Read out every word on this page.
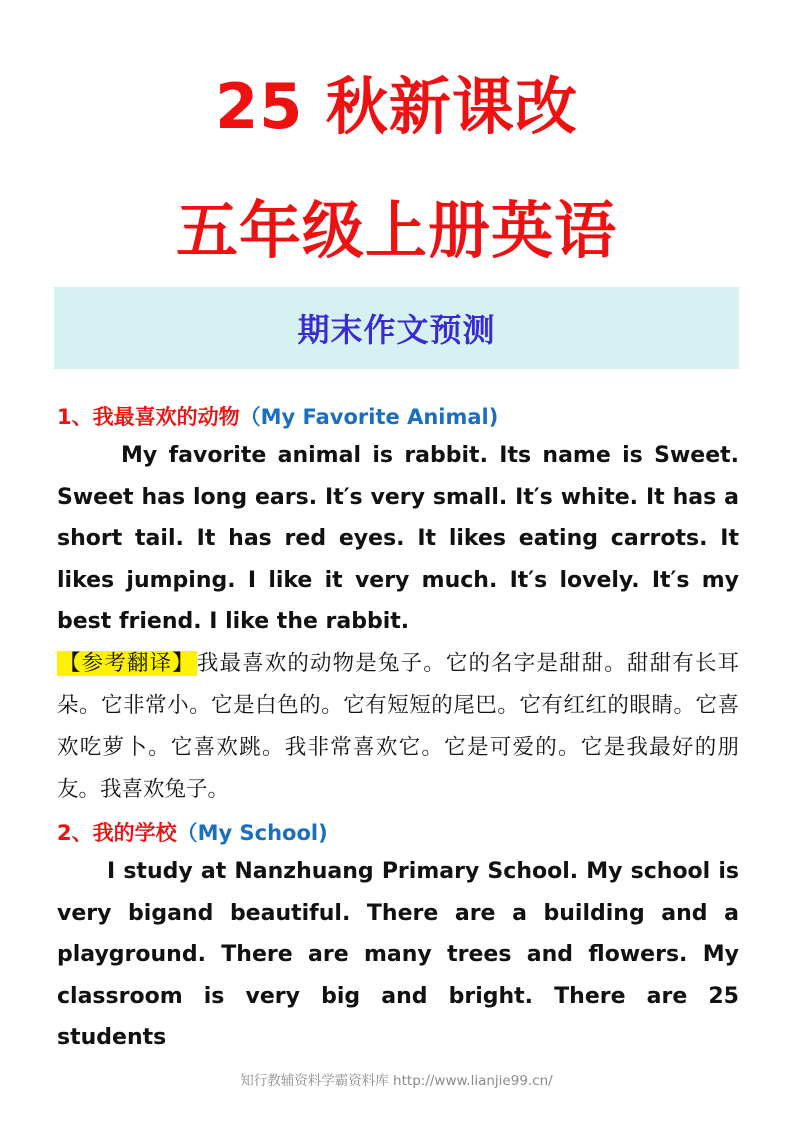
25 秋新课改
五年级上册英语
期末作文预测
1、我最喜欢的动物（My Favorite Animal)
My favorite animal is rabbit. Its name is Sweet. Sweet has long ears. It′s very small. It′s white. It has a short tail. It has red eyes. It likes eating carrots. It likes jumping. I like it very much. It′s lovely. It′s my best friend. I like the rabbit.
【参考翻译】我最喜欢的动物是兔子。它的名字是甜甜。甜甜有长耳朵。它非常小。它是白色的。它有短短的尾巴。它有红红的眼睛。它喜欢吃萝卜。它喜欢跳。我非常喜欢它。它是可爱的。它是我最好的朋友。我喜欢兔子。
2、我的学校（My School)
I study at Nanzhuang Primary School. My school is very bigand beautiful. There are a building and a playground. There are many trees and flowers. My classroom is very big and bright. There are 25 students
知行教辅资料学霸资料库 http://www.lianjie99.cn/
